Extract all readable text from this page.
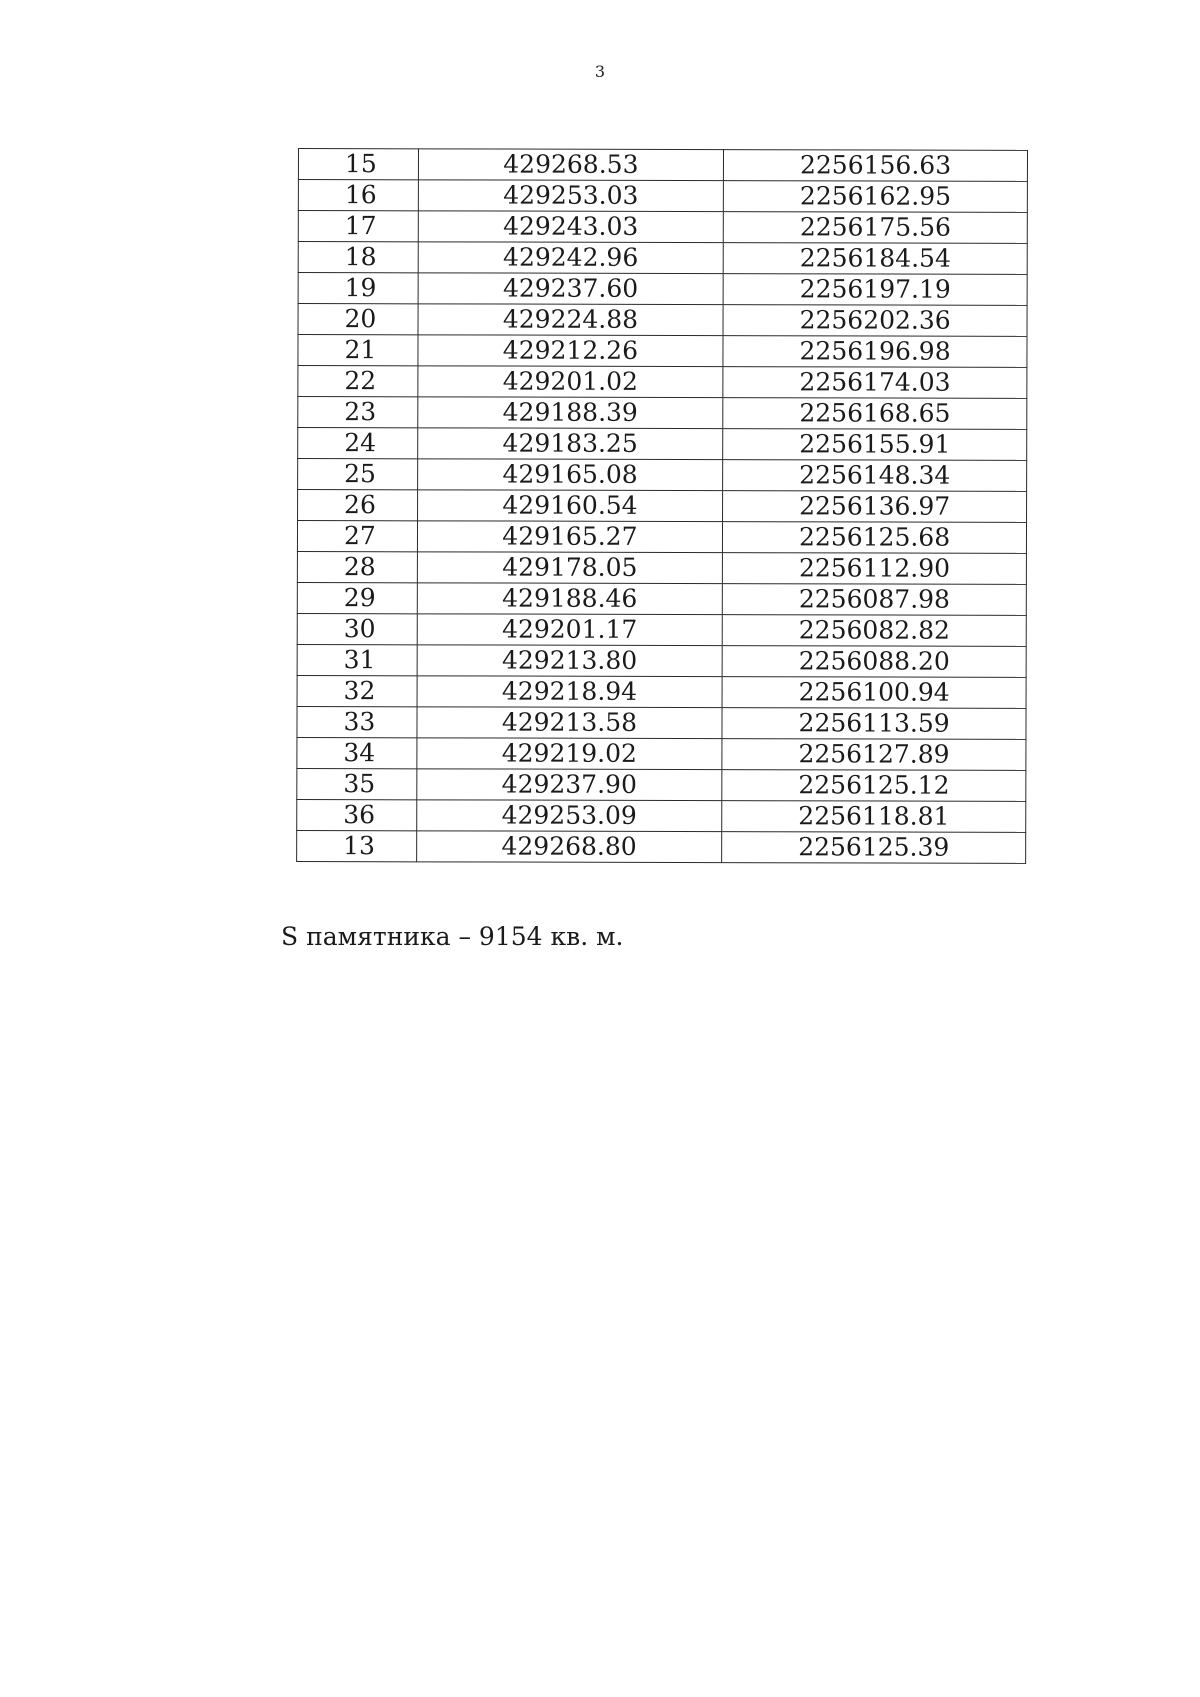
3
15	429268.53	2256156.63
16	429253.03	2256162.95
17	429243.03	2256175.56
18	429242.96	2256184.54
19	429237.60	2256197.19
20	429224.88	2256202.36
21	429212.26	2256196.98
22	429201.02	2256174.03
23	429188.39	2256168.65
24	429183.25	2256155.91
25	429165.08	2256148.34
26	429160.54	2256136.97
27	429165.27	2256125.68
28	429178.05	2256112.90
29	429188.46	2256087.98
30	429201.17	2256082.82
31	429213.80	2256088.20
32	429218.94	2256100.94
33	429213.58	2256113.59
34	429219.02	2256127.89
35	429237.90	2256125.12
36	429253.09	2256118.81
13	429268.80	2256125.39
S памятника – 9154 кв. м.
